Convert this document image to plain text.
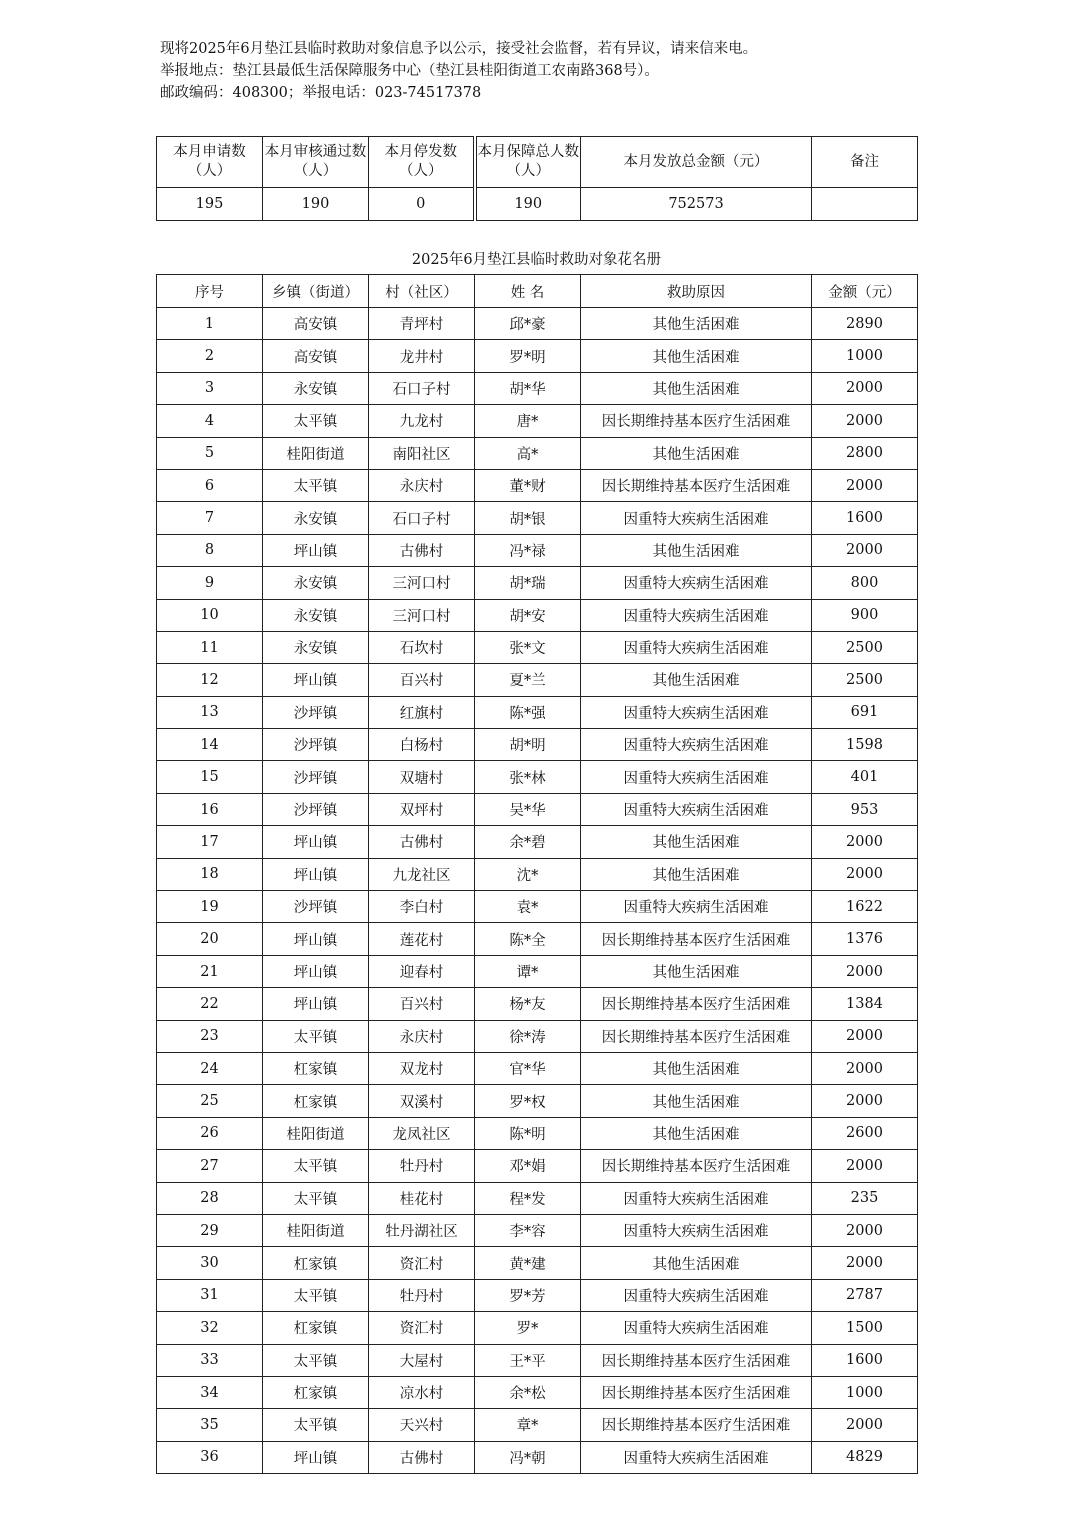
现将2025年6月垫江县临时救助对象信息予以公示，接受社会监督，若有异议，请来信来电。
举报地点：垫江县最低生活保障服务中心（垫江县桂阳街道工农南路368号）。
邮政编码：408300；举报电话：023-74517378
本月申请数（人）	本月审核通过数（人）	本月停发数（人）	本月保障总人数（人）	本月发放总金额（元）	备注
195	190	0	190	752573	
2025年6月垫江县临时救助对象花名册
序号	乡镇（街道）	村（社区）	姓 名	救助原因	金额（元）
1	高安镇	青坪村	邱*豪	其他生活困难	2890
2	高安镇	龙井村	罗*明	其他生活困难	1000
3	永安镇	石口子村	胡*华	其他生活困难	2000
4	太平镇	九龙村	唐*	因长期维持基本医疗生活困难	2000
5	桂阳街道	南阳社区	高*	其他生活困难	2800
6	太平镇	永庆村	董*财	因长期维持基本医疗生活困难	2000
7	永安镇	石口子村	胡*银	因重特大疾病生活困难	1600
8	坪山镇	古佛村	冯*禄	其他生活困难	2000
9	永安镇	三河口村	胡*瑞	因重特大疾病生活困难	800
10	永安镇	三河口村	胡*安	因重特大疾病生活困难	900
11	永安镇	石坎村	张*文	因重特大疾病生活困难	2500
12	坪山镇	百兴村	夏*兰	其他生活困难	2500
13	沙坪镇	红旗村	陈*强	因重特大疾病生活困难	691
14	沙坪镇	白杨村	胡*明	因重特大疾病生活困难	1598
15	沙坪镇	双塘村	张*林	因重特大疾病生活困难	401
16	沙坪镇	双坪村	吴*华	因重特大疾病生活困难	953
17	坪山镇	古佛村	余*碧	其他生活困难	2000
18	坪山镇	九龙社区	沈*	其他生活困难	2000
19	沙坪镇	李白村	袁*	因重特大疾病生活困难	1622
20	坪山镇	莲花村	陈*全	因长期维持基本医疗生活困难	1376
21	坪山镇	迎春村	谭*	其他生活困难	2000
22	坪山镇	百兴村	杨*友	因长期维持基本医疗生活困难	1384
23	太平镇	永庆村	徐*涛	因长期维持基本医疗生活困难	2000
24	杠家镇	双龙村	官*华	其他生活困难	2000
25	杠家镇	双溪村	罗*权	其他生活困难	2000
26	桂阳街道	龙凤社区	陈*明	其他生活困难	2600
27	太平镇	牡丹村	邓*娟	因长期维持基本医疗生活困难	2000
28	太平镇	桂花村	程*发	因重特大疾病生活困难	235
29	桂阳街道	牡丹湖社区	李*容	因重特大疾病生活困难	2000
30	杠家镇	资汇村	黄*建	其他生活困难	2000
31	太平镇	牡丹村	罗*芳	因重特大疾病生活困难	2787
32	杠家镇	资汇村	罗*	因重特大疾病生活困难	1500
33	太平镇	大屋村	王*平	因长期维持基本医疗生活困难	1600
34	杠家镇	凉水村	余*松	因长期维持基本医疗生活困难	1000
35	太平镇	天兴村	章*	因长期维持基本医疗生活困难	2000
36	坪山镇	古佛村	冯*朝	因重特大疾病生活困难	4829
